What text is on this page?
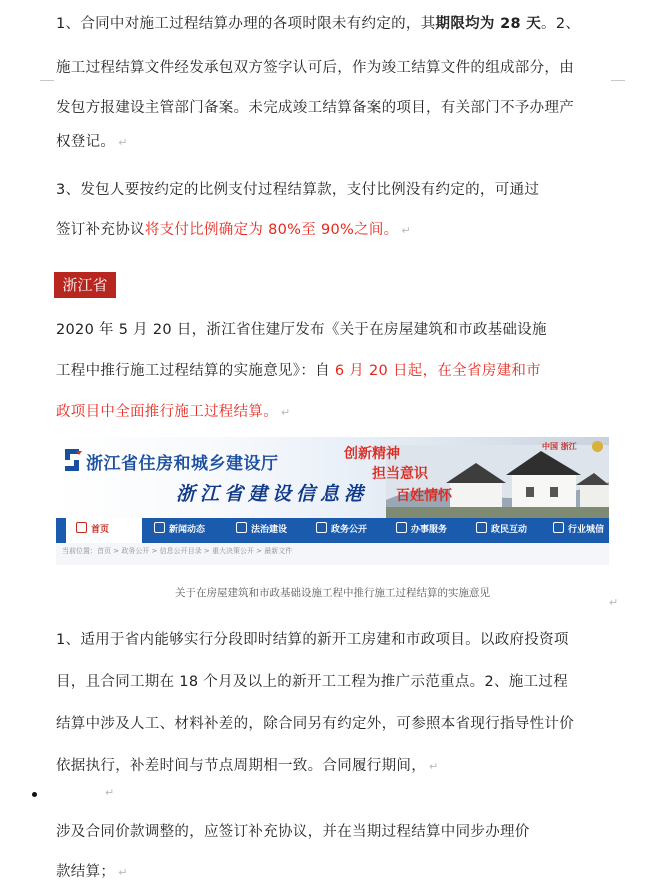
1、合同中对施工过程结算办理的各项时限未有约定的，其期限均为 28 天。2、
施工过程结算文件经发承包双方签字认可后，作为竣工结算文件的组成部分，由
发包方报建设主管部门备案。未完成竣工结算备案的项目，有关部门不予办理产
权登记。 ↵
3、发包人要按约定的比例支付过程结算款，支付比例没有约定的，可通过
签订补充协议将支付比例确定为 80%至 90%之间。 ↵
浙江省
2020 年 5 月 20 日，浙江省住建厅发布《关于在房屋建筑和市政基础设施
工程中推行施工过程结算的实施意见》：自 6 月 20 日起，在全省房建和市
政项目中全面推行施工过程结算。 ↵
浙江省住房和城乡建设厅
浙江省建设信息港
创新精神
担当意识
百姓情怀
中国 浙江
首页	新闻动态	法治建设	政务公开	办事服务	政民互动	行业城信
当前位置：首页 > 政务公开 > 信息公开目录 > 重大决策公开 > 最新文件
关于在房屋建筑和市政基础设施工程中推行施工过程结算的实施意见
↵
1、适用于省内能够实行分段即时结算的新开工房建和市政项目。以政府投资项
目，且合同工期在 18 个月及以上的新开工工程为推广示范重点。2、施工过程
结算中涉及人工、材料补差的，除合同另有约定外，可参照本省现行指导性计价
依据执行，补差时间与节点周期相一致。合同履行期间， ↵
↵
涉及合同价款调整的，应签订补充协议，并在当期过程结算中同步办理价
款结算； ↵
